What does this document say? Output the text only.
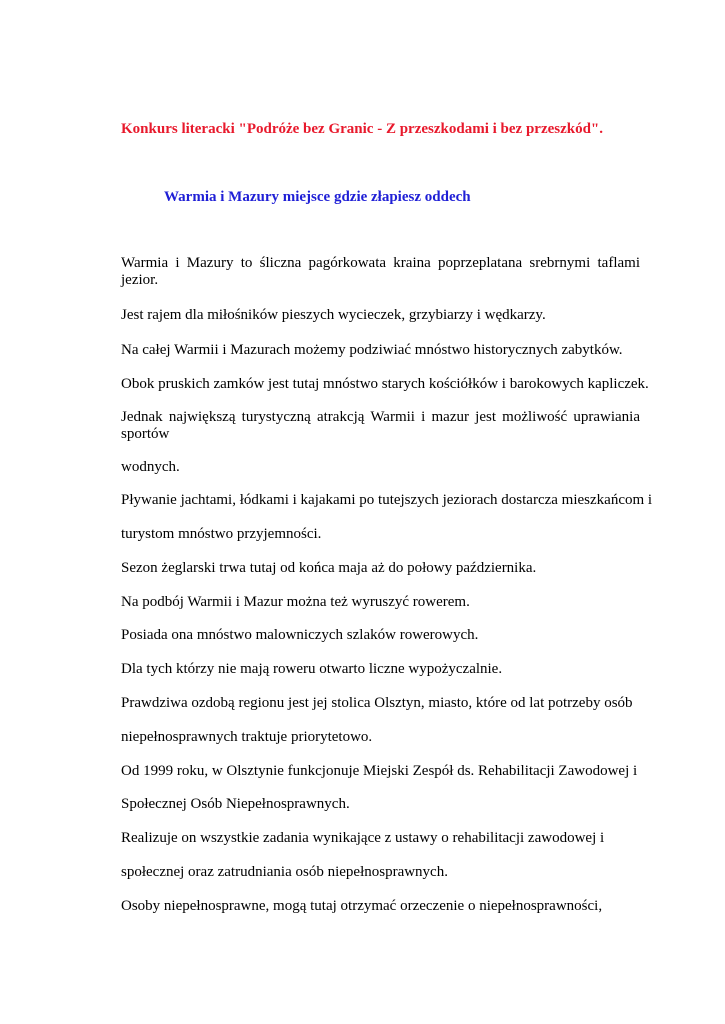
Konkurs literacki "Podróże bez Granic - Z przeszkodami i bez przeszkód".
Warmia i Mazury miejsce gdzie złapiesz oddech

Warmia i Mazury to śliczna pagórkowata kraina poprzeplatana srebrnymi taflami jezior.

Jest rajem dla miłośników pieszych wycieczek, grzybiarzy i wędkarzy.

Na całej Warmii i Mazurach możemy podziwiać mnóstwo historycznych zabytków.

Obok pruskich zamków jest tutaj mnóstwo starych kościółków i barokowych kapliczek.

Jednak największą turystyczną atrakcją Warmii i mazur jest możliwość uprawiania sportów

wodnych.

Pływanie jachtami, łódkami i kajakami po tutejszych jeziorach dostarcza mieszkańcom i

turystom mnóstwo przyjemności.

Sezon żeglarski trwa tutaj od końca maja aż do połowy października.

Na podbój Warmii i Mazur można też wyruszyć rowerem.

Posiada ona mnóstwo malowniczych szlaków rowerowych.

Dla tych którzy nie mają roweru otwarto liczne wypożyczalnie.

Prawdziwa ozdobą regionu jest jej stolica Olsztyn, miasto, które od lat potrzeby osób

niepełnosprawnych traktuje priorytetowo.

Od 1999 roku, w Olsztynie funkcjonuje Miejski Zespół ds. Rehabilitacji Zawodowej i

Społecznej Osób Niepełnosprawnych.

Realizuje on wszystkie zadania wynikające z ustawy o rehabilitacji zawodowej i

społecznej oraz zatrudniania osób niepełnosprawnych.

Osoby niepełnosprawne, mogą tutaj otrzymać orzeczenie o niepełnosprawności,
